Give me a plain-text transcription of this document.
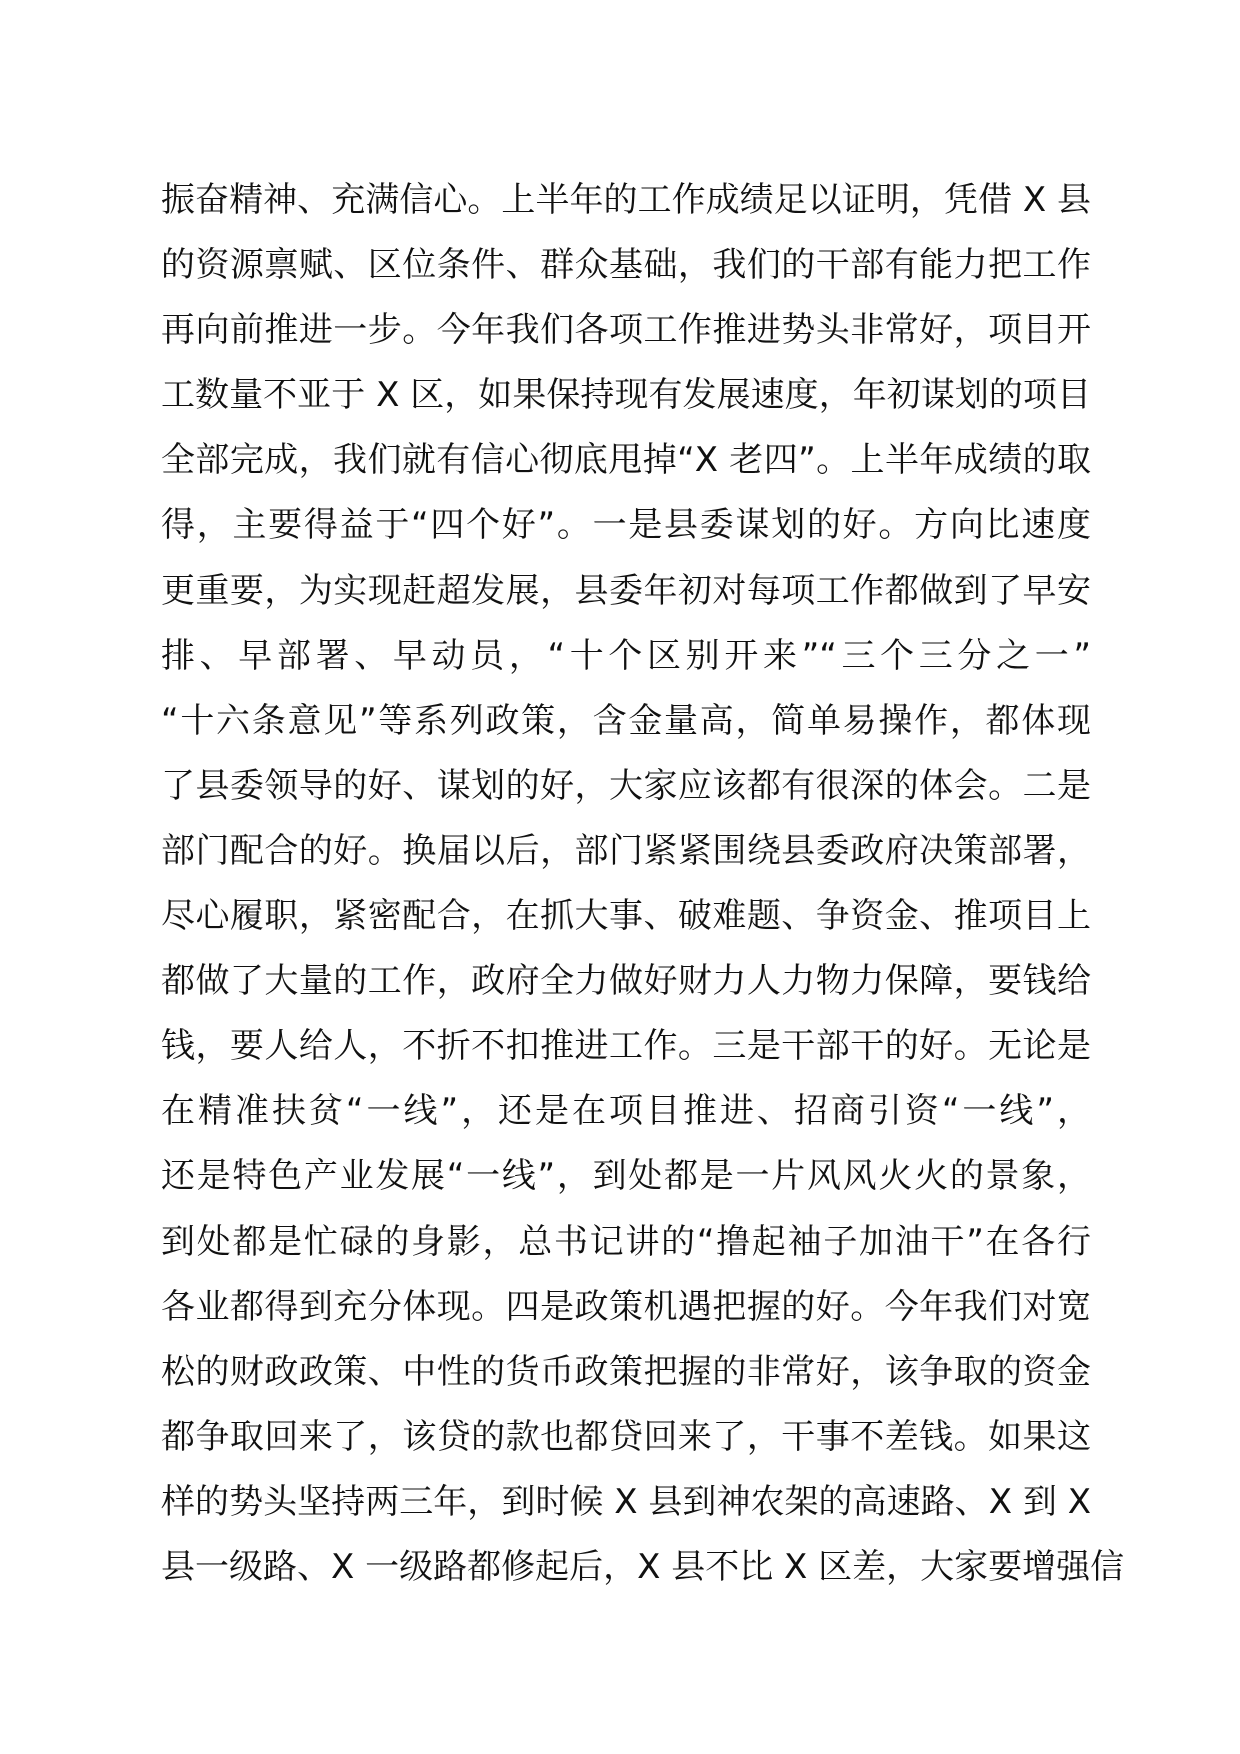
振奋精神、充满信心。上半年的工作成绩足以证明，凭借 X 县
的资源禀赋、区位条件、群众基础，我们的干部有能力把工作
再向前推进一步。今年我们各项工作推进势头非常好，项目开
工数量不亚于 X 区，如果保持现有发展速度，年初谋划的项目
全部完成，我们就有信心彻底甩掉“X 老四”。上半年成绩的取
得，主要得益于“四个好”。一是县委谋划的好。方向比速度
更重要，为实现赶超发展，县委年初对每项工作都做到了早安
排、早部署、早动员，“十个区别开来”“三个三分之一”
“十六条意见”等系列政策，含金量高，简单易操作，都体现
了县委领导的好、谋划的好，大家应该都有很深的体会。二是
部门配合的好。换届以后，部门紧紧围绕县委政府决策部署，
尽心履职，紧密配合，在抓大事、破难题、争资金、推项目上
都做了大量的工作，政府全力做好财力人力物力保障，要钱给
钱，要人给人，不折不扣推进工作。三是干部干的好。无论是
在精准扶贫“一线”，还是在项目推进、招商引资“一线”，
还是特色产业发展“一线”，到处都是一片风风火火的景象，
到处都是忙碌的身影，总书记讲的“撸起袖子加油干”在各行
各业都得到充分体现。四是政策机遇把握的好。今年我们对宽
松的财政政策、中性的货币政策把握的非常好，该争取的资金
都争取回来了，该贷的款也都贷回来了，干事不差钱。如果这
样的势头坚持两三年，到时候 X 县到神农架的高速路、X 到 X
县一级路、X 一级路都修起后，X 县不比 X 区差，大家要增强信
